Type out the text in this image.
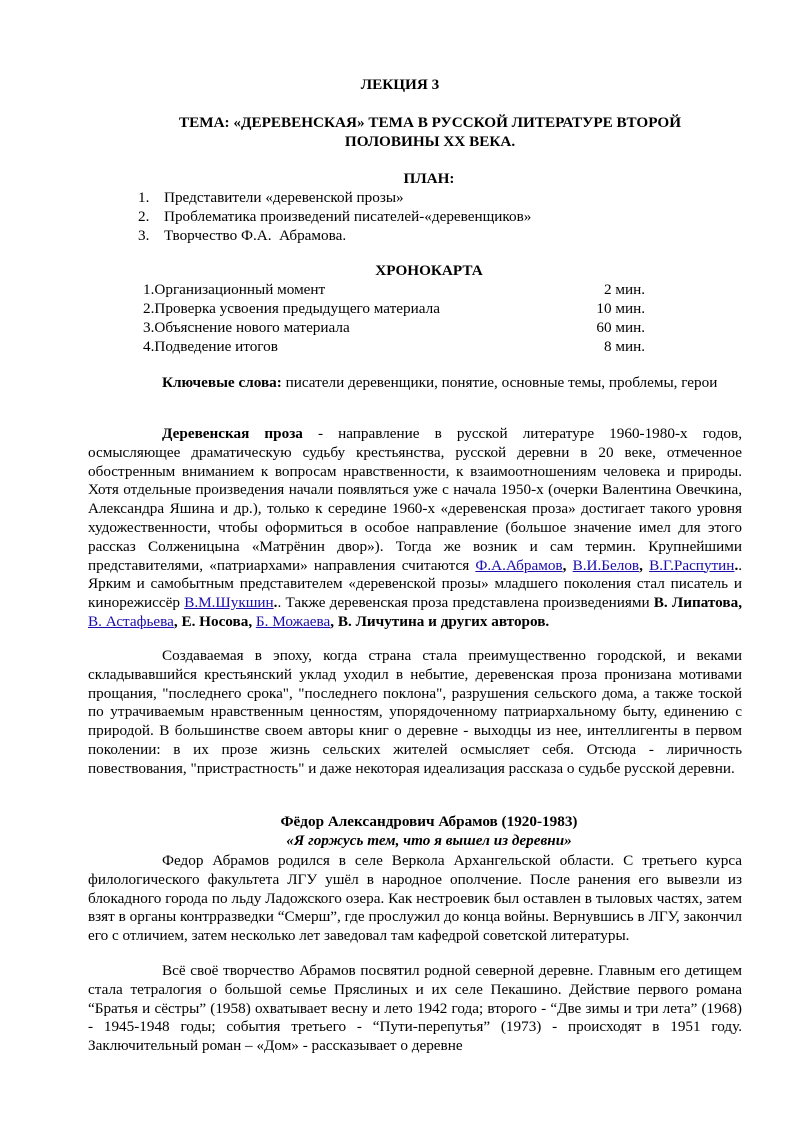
ЛЕКЦИЯ 3
ТЕМА: «ДЕРЕВЕНСКАЯ» ТЕМА В РУССКОЙ ЛИТЕРАТУРЕ ВТОРОЙ
ПОЛОВИНЫ XX ВЕКА.
ПЛАН:
1. Представители «деревенской прозы»
2. Проблематика произведений писателей-«деревенщиков»
3. Творчество Ф.А.  Абрамова.
ХРОНОКАРТА
1.Организационный момент	2 мин.
2.Проверка усвоения предыдущего материала	10 мин.
3.Объяснение нового материала	60 мин.
4.Подведение итогов	8 мин.

Ключевые слова: писатели деревенщики, понятие, основные темы, проблемы, герои

Деревенская проза - направление в русской литературе 1960-1980-х годов, осмысляющее драматическую судьбу крестьянства, русской деревни в 20 веке, отмеченное обостренным вниманием к вопросам нравственности, к взаимоотношениям человека и природы. Хотя отдельные произведения начали появляться уже с начала 1950-х (очерки Валентина Овечкина, Александра Яшина и др.), только к середине 1960-х «деревенская проза» достигает такого уровня художественности, чтобы оформиться в особое направление (большое значение имел для этого рассказ Солженицына «Матрёнин двор»). Тогда же возник и сам термин. Крупнейшими представителями, «патриархами» направления считаются Ф.А.Абрамов, В.И.Белов, В.Г.Распутин.. Ярким и самобытным представителем «деревенской прозы» младшего поколения стал писатель и кинорежиссёр В.М.Шукшин.. Также деревенская проза представлена произведениями В. Липатова, В. Астафьева, Е. Носова, Б. Можаева, В. Личутина и других авторов.

Создаваемая в эпоху, когда страна стала преимущественно городской, и веками складывавшийся крестьянский уклад уходил в небытие, деревенская проза пронизана мотивами прощания, "последнего срока", "последнего поклона", разрушения сельского дома, а также тоской по утрачиваемым нравственным ценностям, упорядоченному патриархальному быту, единению с природой. В большинстве своем авторы книг о деревне - выходцы из нее, интеллигенты в первом поколении: в их прозе жизнь сельских жителей осмысляет себя. Отсюда - лиричность повествования, "пристрастность" и даже некоторая идеализация рассказа о судьбе русской деревни.

Фёдор Александрович Абрамов (1920-1983)
«Я горжусь тем, что я вышел из деревни»

Федор Абрамов родился в селе Веркола Архангельской области. С третьего курса филологического факультета ЛГУ ушёл в народное ополчение. После ранения его вывезли из блокадного города по льду Ладожского озера. Как нестроевик был оставлен в тыловых частях, затем взят в органы контрразведки “Смерш”, где прослужил до конца войны. Вернувшись в ЛГУ, закончил его с отличием, затем несколько лет заведовал там кафедрой советской литературы.

Всё своё творчество Абрамов посвятил родной северной деревне. Главным его детищем стала тетралогия о большой семье Пряслиных и их селе Пекашино. Действие первого романа “Братья и сёстры” (1958) охватывает весну и лето 1942 года; второго - “Две зимы и три лета” (1968) - 1945-1948 годы; события третьего - “Пути-перепутья” (1973) - происходят в 1951 году. Заключительный роман – «Дом» - рассказывает о деревне
